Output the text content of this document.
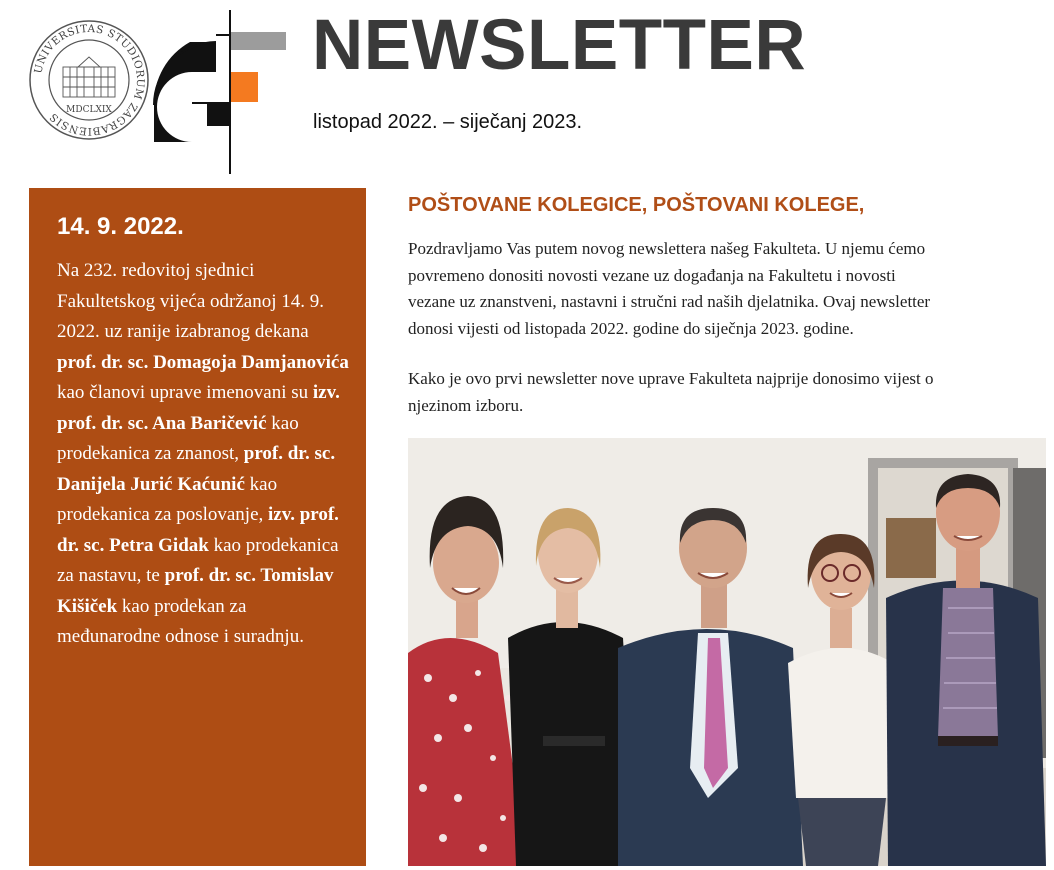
UNIVERSITAS STUDIORUM ZAGRABIENSIS
MDCLXIX
NEWSLETTER
listopad 2022. – siječanj 2023.
14. 9. 2022.

Na 232. redovitoj sjednici Fakultetskog vijeća održanoj 14. 9. 2022. uz ranije izabranog dekana prof. dr. sc. Domagoja Damjanovića kao članovi uprave imenovani su izv. prof. dr. sc. Ana Baričević kao prodekanica za znanost, prof. dr. sc. Danijela Jurić Kaćunić kao prodekanica za poslovanje, izv. prof. dr. sc. Petra Gidak kao prodekanica za nastavu, te prof. dr. sc. Tomislav Kišiček kao prodekan za međunarodne odnose i suradnju.

POŠTOVANE KOLEGICE, POŠTOVANI KOLEGE,

Pozdravljamo Vas putem novog newslettera našeg Fakulteta. U njemu ćemo
povremeno donositi novosti vezane uz događanja na Fakultetu i novosti
vezane uz znanstveni, nastavni i stručni rad naših djelatnika. Ovaj newsletter
donosi vijesti od listopada 2022. godine do siječnja 2023. godine.

Kako je ovo prvi newsletter nove uprave Fakulteta najprije donosimo vijest o
njezinom izboru.
